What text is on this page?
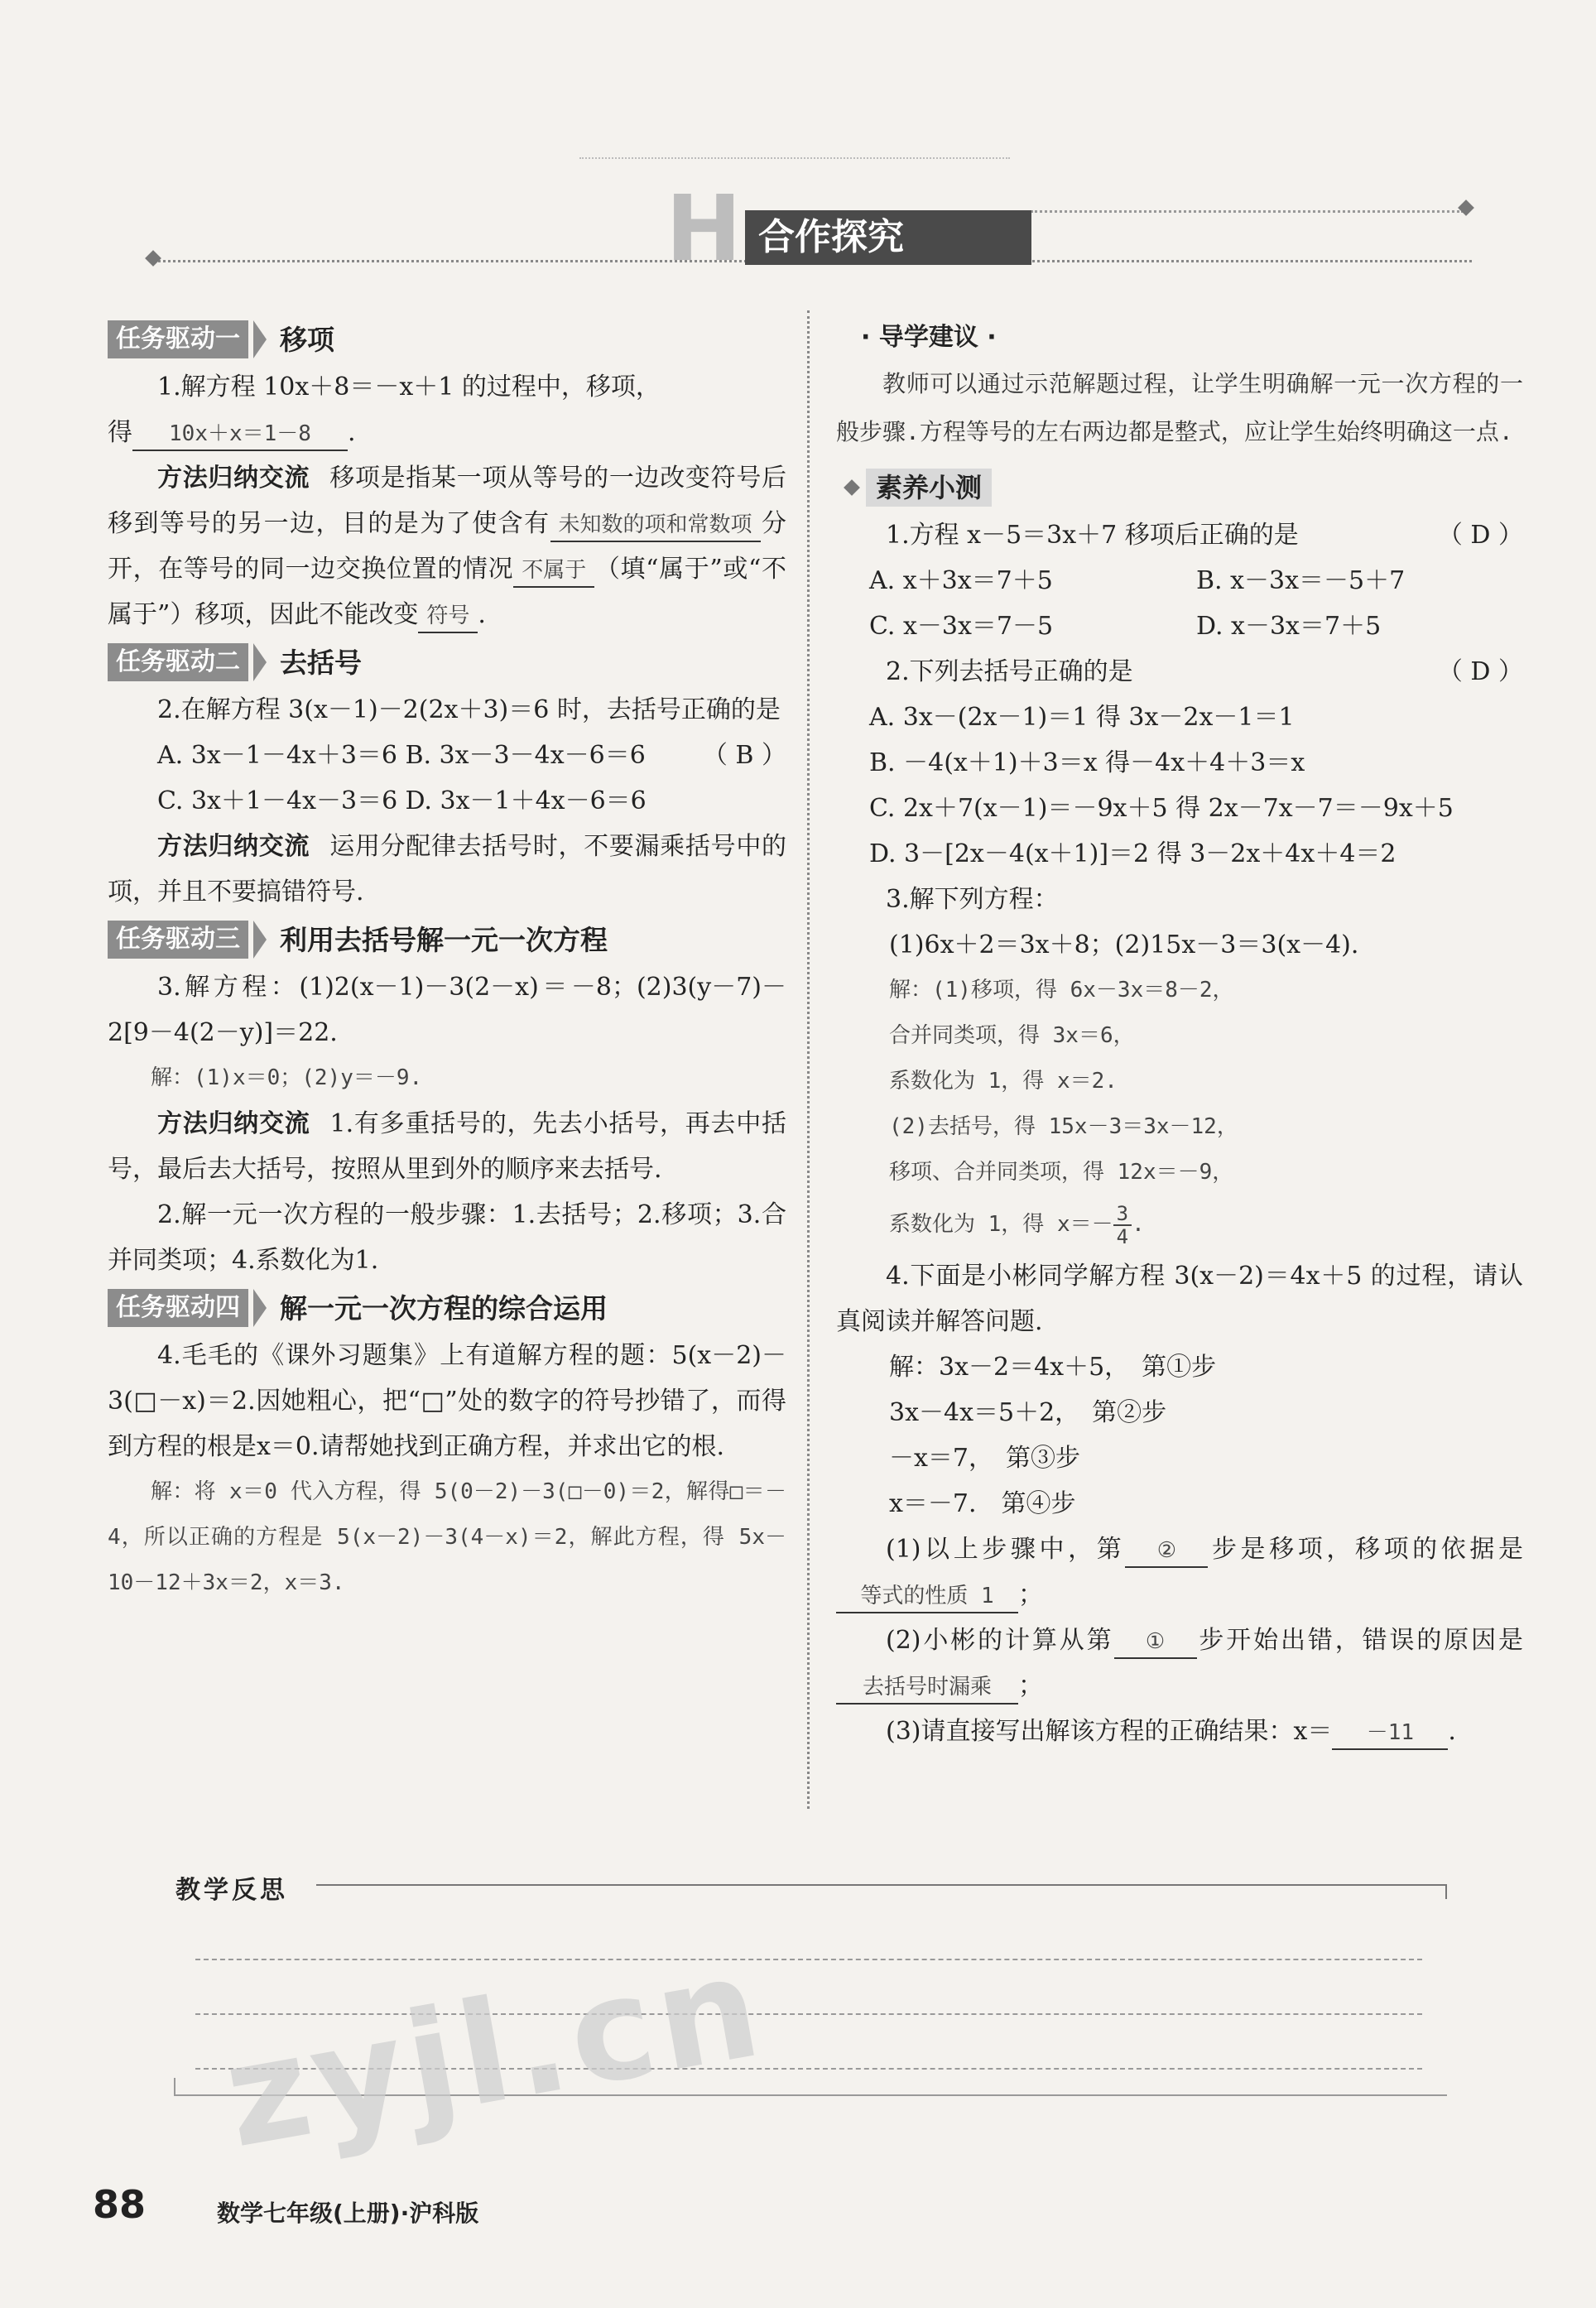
H 合作探究
任务驱动一	移项

1.解方程 10x＋8＝－x＋1 的过程中，移项，

得 10x＋x＝1－8 .

方法归纳交流 移项是指某一项从等号的一边改变符号后移到等号的另一边，目的是为了使含有 未知数的项和常数项 分开，在等号的同一边交换位置的情况 不属于 （填“属于”或“不属于”）移项，因此不能改变 符号 .

任务驱动二	去括号

2.在解方程 3(x－1)－2(2x＋3)＝6 时，去括号正确的是
（ B ）

A. 3x－1－4x＋3＝6 B. 3x－3－4x－6＝6
C. 3x＋1－4x－3＝6 D. 3x－1＋4x－6＝6

方法归纳交流 运用分配律去括号时，不要漏乘括号中的项，并且不要搞错符号.

任务驱动三	利用去括号解一元一次方程

3.解方程：(1)2(x－1)－3(2－x)＝－8；(2)3(y－7)－2[9－4(2－y)]＝22.

解：(1)x＝0；(2)y＝－9.

方法归纳交流 1.有多重括号的，先去小括号，再去中括号，最后去大括号，按照从里到外的顺序来去括号.

2.解一元一次方程的一般步骤：1.去括号；2.移项；3.合并同类项；4.系数化为1.

任务驱动四	解一元一次方程的综合运用

4.毛毛的《课外习题集》上有道解方程的题：5(x－2)－3(□－x)＝2.因她粗心，把“□”处的数字的符号抄错了，而得到方程的根是x＝0.请帮她找到正确方程，并求出它的根.

解：将 x＝0 代入方程，得 5(0－2)－3(□－0)＝2，解得□＝－4，所以正确的方程是 5(x－2)－3(4－x)＝2，解此方程，得 5x－10－12＋3x＝2，x＝3.

· 导学建议 ·

教师可以通过示范解题过程，让学生明确解一元一次方程的一般步骤.方程等号的左右两边都是整式，应让学生始终明确这一点.

素养小测

1.方程 x－5＝3x＋7 移项后正确的是	（ D ）

A. x＋3x＝7＋5	B. x－3x＝－5＋7
C. x－3x＝7－5	D. x－3x＝7＋5

2.下列去括号正确的是	（ D ）

A. 3x－(2x－1)＝1 得 3x－2x－1＝1
B. －4(x＋1)＋3＝x 得－4x＋4＋3＝x
C. 2x＋7(x－1)＝－9x＋5 得 2x－7x－7＝－9x＋5
D. 3－[2x－4(x＋1)]＝2 得 3－2x＋4x＋4＝2

3.解下列方程：

(1)6x＋2＝3x＋8；(2)15x－3＝3(x－4).
解：(1)移项，得 6x－3x＝8－2，
合并同类项，得 3x＝6，
系数化为 1，得 x＝2.
(2)去括号，得 15x－3＝3x－12，
移项、合并同类项，得 12x＝－9，
系数化为 1，得 $x=- \frac{3}{4}$ .

4.下面是小彬同学解方程 3(x－2)＝4x＋5 的过程，请认真阅读并解答问题.

解：3x－2＝4x＋5，　第①步
3x－4x＝5＋2，　第②步
－x＝7，　第③步
x＝－7.　第④步

(1)以上步骤中，第 ② 步是移项，移项的依据是等式的性质 1 ；

(2)小彬的计算从第 ① 步开始出错，错误的原因是去括号时漏乘 ；

(3)请直接写出解该方程的正确结果：x＝ －11 .

教学反思
zyjl.cn
88	数学七年级(上册)·沪科版
